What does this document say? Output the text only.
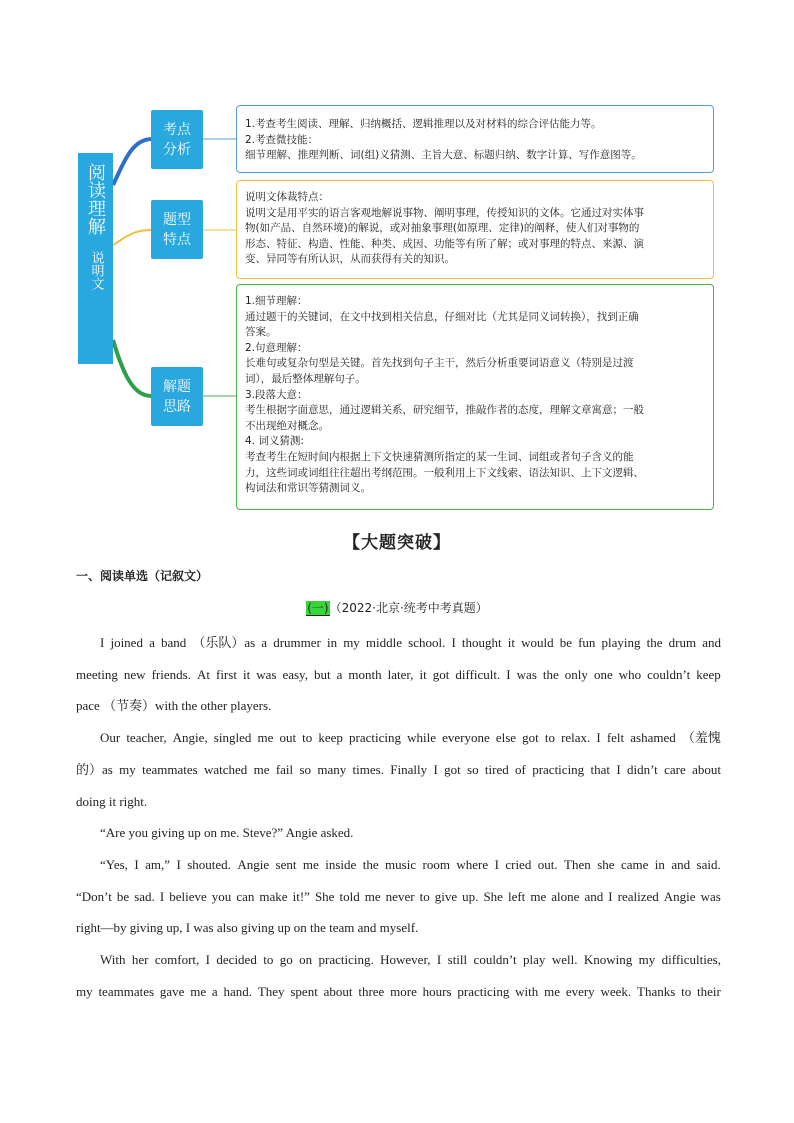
阅读理解
说明文
考点分析
题型特点
解题思路
1.考查考生阅读、理解、归纳概括、逻辑推理以及对材料的综合评估能力等。
2.考查微技能：
细节理解、推理判断、词(组)义猜测、主旨大意、标题归纳、数字计算、写作意图等。
说明文体裁特点：
说明文是用平实的语言客观地解说事物、阐明事理，传授知识的文体。它通过对实体事
物(如产品、自然环境)的解说，或对抽象事理(如原理、定律)的阐释，使人们对事物的
形态、特征、构造、性能、种类、成因、功能等有所了解；或对事理的特点、来源、演
变、异同等有所认识，从而获得有关的知识。
1.细节理解：
通过题干的关键词，在文中找到相关信息，仔细对比（尤其是同义词转换），找到正确
答案。
2.句意理解：
长难句或复杂句型是关键。首先找到句子主干，然后分析重要词语意义（特别是过渡
词），最后整体理解句子。
3.段落大意：
考生根据字面意思，通过逻辑关系，研究细节，推敲作者的态度，理解文章寓意；一般
不出现绝对概念。
4. 词义猜测:
考查考生在短时间内根据上下文快速猜测所指定的某一生词、词组或者句子含义的能
力，这些词或词组往往超出考纲范围。一般利用上下文线索、语法知识、上下文逻辑、
构词法和常识等猜测词义。
【大题突破】
一、阅读单选（记叙文）
(一)（2022·北京·统考中考真题）
I joined a band （乐队）as a drummer in my middle school. I thought it would be fun playing the drum and
meeting new friends. At first it was easy, but a month later, it got difficult. I was the only one who couldn’t keep
pace （节奏）with the other players.
Our teacher, Angie, singled me out to keep practicing while everyone else got to relax. I felt ashamed （羞愧
的）as my teammates watched me fail so many times. Finally I got so tired of practicing that I didn’t care about
doing it right.
“Are you giving up on me. Steve?” Angie asked.
“Yes, I am,” I shouted. Angie sent me inside the music room where I cried out. Then she came in and said.
“Don’t be sad. I believe you can make it!” She told me never to give up. She left me alone and I realized Angie was
right—by giving up, I was also giving up on the team and myself.
With her comfort, I decided to go on practicing. However, I still couldn’t play well. Knowing my difficulties,
my teammates gave me a hand. They spent about three more hours practicing with me every week. Thanks to their
